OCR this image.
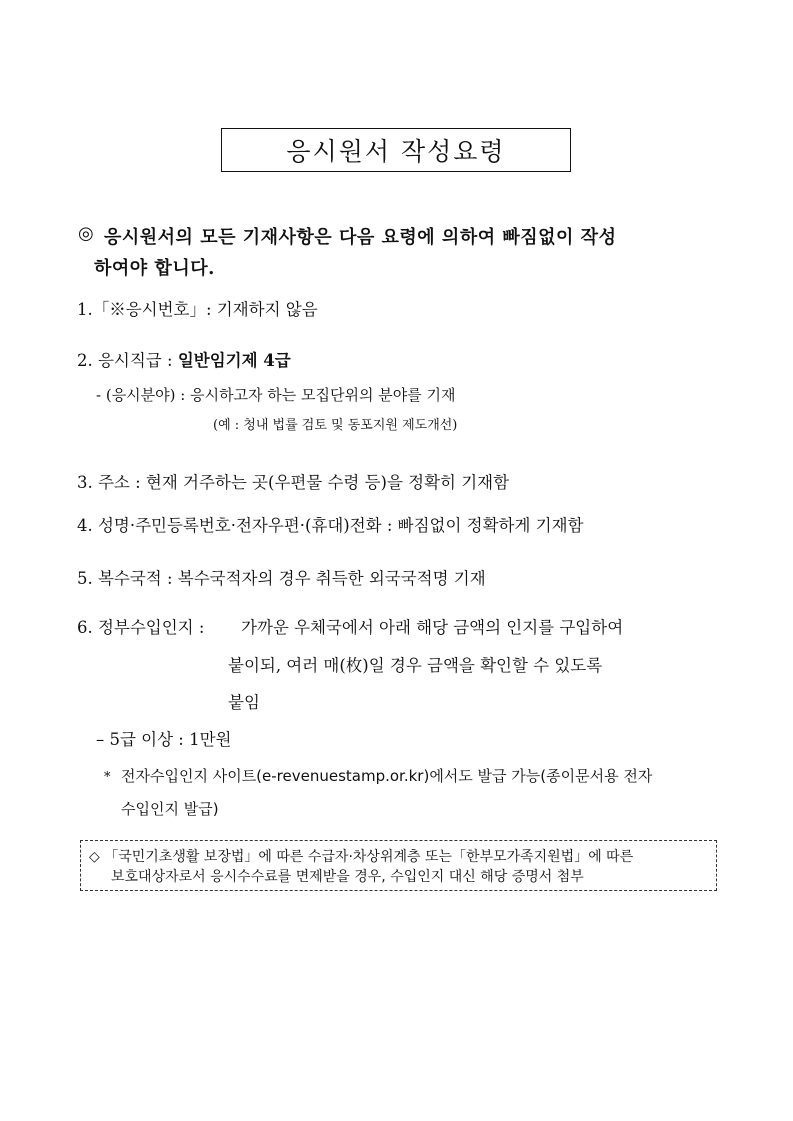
응시원서 작성요령
◎ 응시원서의 모든 기재사항은 다음 요령에 의하여 빠짐없이 작성
하여야 합니다.
1.「※응시번호」: 기재하지 않음
2. 응시직급 : 일반임기제 4급
- (응시분야) : 응시하고자 하는 모집단위의 분야를 기재
(예 : 청내 법률 검토 및 동포지원 제도개선)
3. 주소 : 현재 거주하는 곳(우편물 수령 등)을 정확히 기재함
4. 성명·주민등록번호·전자우편·(휴대)전화 : 빠짐없이 정확하게 기재함
5. 복수국적 : 복수국적자의 경우 취득한 외국국적명 기재
6. 정부수입인지 : 가까운 우체국에서 아래 해당 금액의 인지를 구입하여
붙이되, 여러 매(枚)일 경우 금액을 확인할 수 있도록
붙임
– 5급 이상 : 1만원
* 전자수입인지 사이트(e-revenuestamp.or.kr)에서도 발급 가능(종이문서용 전자
수입인지 발급)
◇ 「국민기초생활 보장법」에 따른 수급자·차상위계층 또는「한부모가족지원법」에 따른
보호대상자로서 응시수수료를 면제받을 경우, 수입인지 대신 해당 증명서 첨부
